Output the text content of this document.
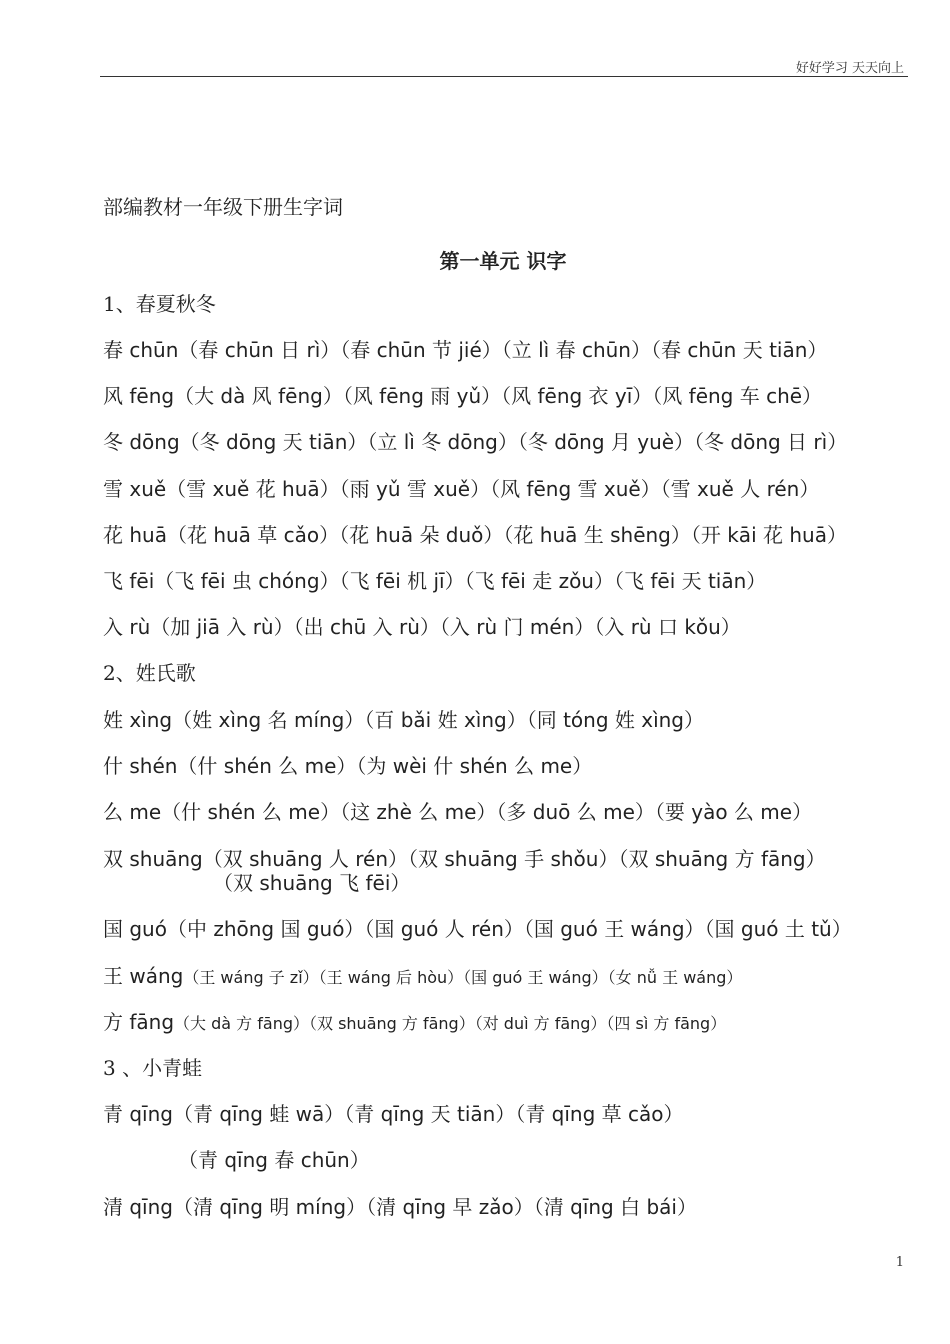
好好学习 天天向上
部编教材一年级下册生字词
第一单元 识字
1、春夏秋冬
春 chūn（春 chūn 日 rì）（春 chūn 节 jié）（立 lì 春 chūn）（春 chūn 天 tiān）
风 fēng（大 dà 风 fēng）（风 fēng 雨 yǔ）（风 fēng 衣 yī）（风 fēng 车 chē）
冬 dōng（冬 dōng 天 tiān）（立 lì 冬 dōng）（冬 dōng 月 yuè）（冬 dōng 日 rì）
雪 xuě（雪 xuě 花 huā）（雨 yǔ 雪 xuě）（风 fēng 雪 xuě）（雪 xuě 人 rén）
花 huā（花 huā 草 cǎo）（花 huā 朵 duǒ）（花 huā 生 shēng）（开 kāi 花 huā）
飞 fēi（飞 fēi 虫 chóng）（飞 fēi 机 jī）（飞 fēi 走 zǒu）（飞 fēi 天 tiān）
入 rù（加 jiā 入 rù）（出 chū 入 rù）（入 rù 门 mén）（入 rù 口 kǒu）
2、姓氏歌
姓 xìng（姓 xìng 名 míng）（百 bǎi 姓 xìng）（同 tóng 姓 xìng）
什 shén（什 shén 么 me）（为 wèi 什 shén 么 me）
么 me（什 shén 么 me）（这 zhè 么 me）（多 duō 么 me）（要 yào 么 me）
双 shuāng（双 shuāng 人 rén）（双 shuāng 手 shǒu）（双 shuāng 方 fāng）
（双 shuāng 飞 fēi）
国 guó（中 zhōng 国 guó）（国 guó 人 rén）（国 guó 王 wáng）（国 guó 土 tǔ）
王 wáng（王 wáng 子 zǐ）（王 wáng 后 hòu）（国 guó 王 wáng）（女 nǚ 王 wáng）
方 fāng（大 dà 方 fāng）（双 shuāng 方 fāng）（对 duì 方 fāng）（四 sì 方 fāng）
3 、小青蛙
青 qīng（青 qīng 蛙 wā）（青 qīng 天 tiān）（青 qīng 草 cǎo）
（青 qīng 春 chūn）
清 qīng（清 qīng 明 míng）（清 qīng 早 zǎo）（清 qīng 白 bái）
1
